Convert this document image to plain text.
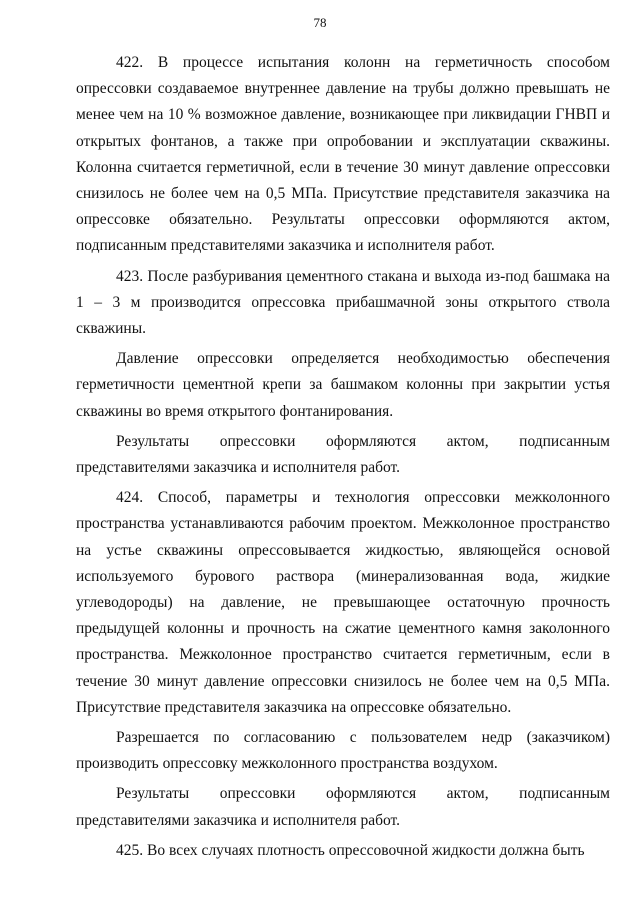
78

422. В процессе испытания колонн на герметичность способом опрессовки создаваемое внутреннее давление на трубы должно превышать не менее чем на 10 % возможное давление, возникающее при ликвидации ГНВП и открытых фонтанов, а также при опробовании и эксплуатации скважины. Колонна считается герметичной, если в течение 30 минут давление опрессовки снизилось не более чем на 0,5 МПа. Присутствие представителя заказчика на опрессовке обязательно. Результаты опрессовки оформляются актом, подписанным представителями заказчика и исполнителя работ.

423. После разбуривания цементного стакана и выхода из-под башмака на 1 – 3 м производится опрессовка прибашмачной зоны открытого ствола скважины.

Давление опрессовки определяется необходимостью обеспечения герметичности цементной крепи за башмаком колонны при закрытии устья скважины во время открытого фонтанирования.

Результаты опрессовки оформляются актом, подписанным представителями заказчика и исполнителя работ.

424. Способ, параметры и технология опрессовки межколонного пространства устанавливаются рабочим проектом. Межколонное пространство на устье скважины опрессовывается жидкостью, являющейся основой используемого бурового раствора (минерализованная вода, жидкие углеводороды) на давление, не превышающее остаточную прочность предыдущей колонны и прочность на сжатие цементного камня заколонного пространства. Межколонное пространство считается герметичным, если в течение 30 минут давление опрессовки снизилось не более чем на 0,5 МПа. Присутствие представителя заказчика на опрессовке обязательно.

Разрешается по согласованию с пользователем недр (заказчиком) производить опрессовку межколонного пространства воздухом.

Результаты опрессовки оформляются актом, подписанным представителями заказчика и исполнителя работ.

425. Во всех случаях плотность опрессовочной жидкости должна быть
